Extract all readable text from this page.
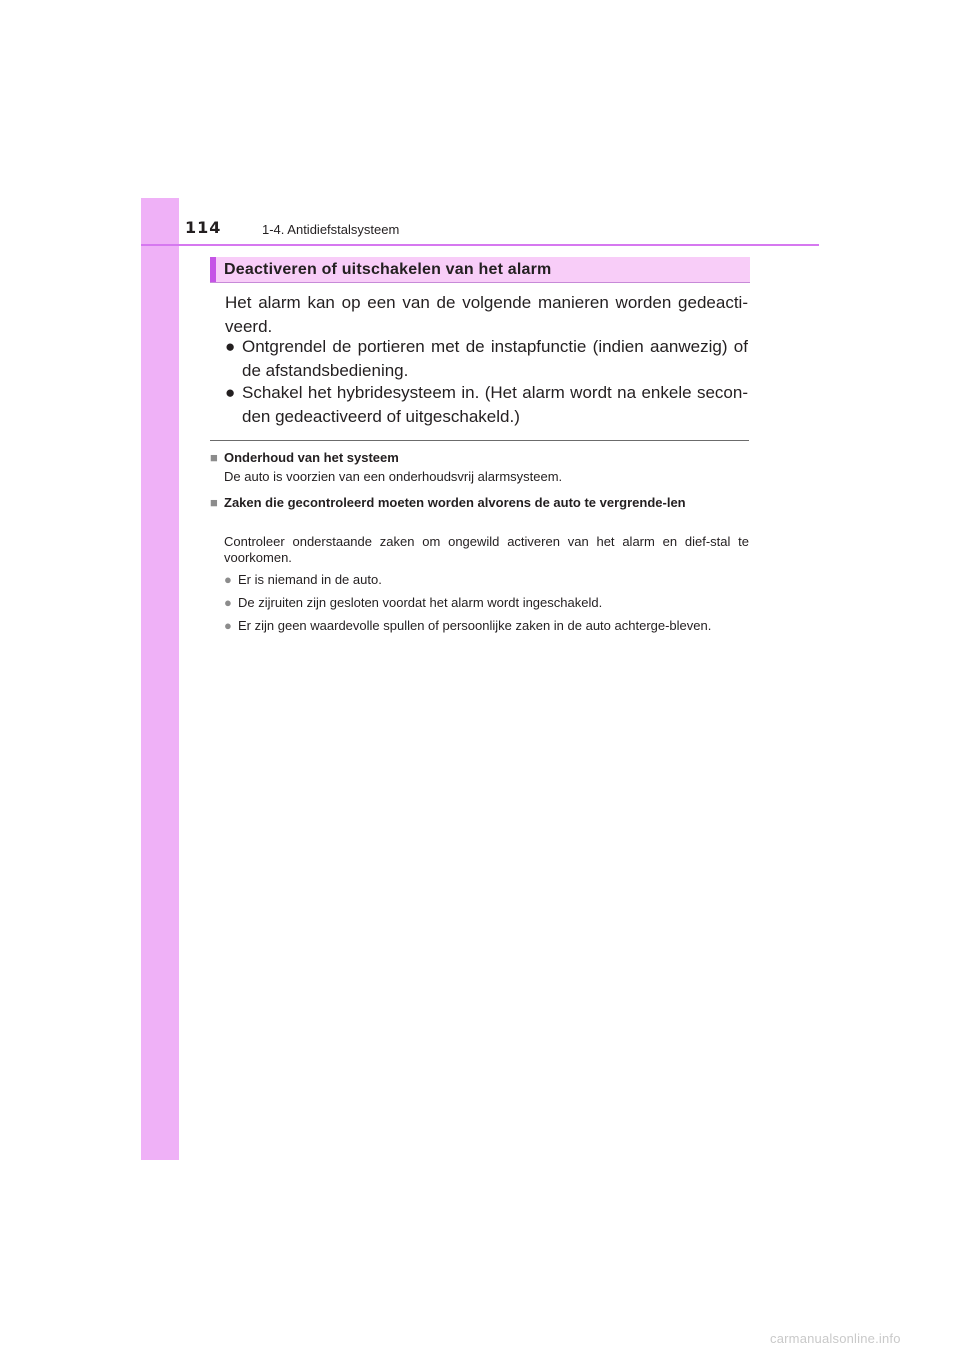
114	1-4. Antidiefstalsysteem
Deactiveren of uitschakelen van het alarm
Het alarm kan op een van de volgende manieren worden gedeacti-veerd.
● Ontgrendel de portieren met de instapfunctie (indien aanwezig) of de afstandsbediening.
● Schakel het hybridesysteem in. (Het alarm wordt na enkele secon-den gedeactiveerd of uitgeschakeld.)
■ Onderhoud van het systeem
De auto is voorzien van een onderhoudsvrij alarmsysteem.
■ Zaken die gecontroleerd moeten worden alvorens de auto te vergrende-len
Controleer onderstaande zaken om ongewild activeren van het alarm en dief-stal te voorkomen.
● Er is niemand in de auto.
● De zijruiten zijn gesloten voordat het alarm wordt ingeschakeld.
● Er zijn geen waardevolle spullen of persoonlijke zaken in de auto achterge-bleven.
carmanualsonline.info
